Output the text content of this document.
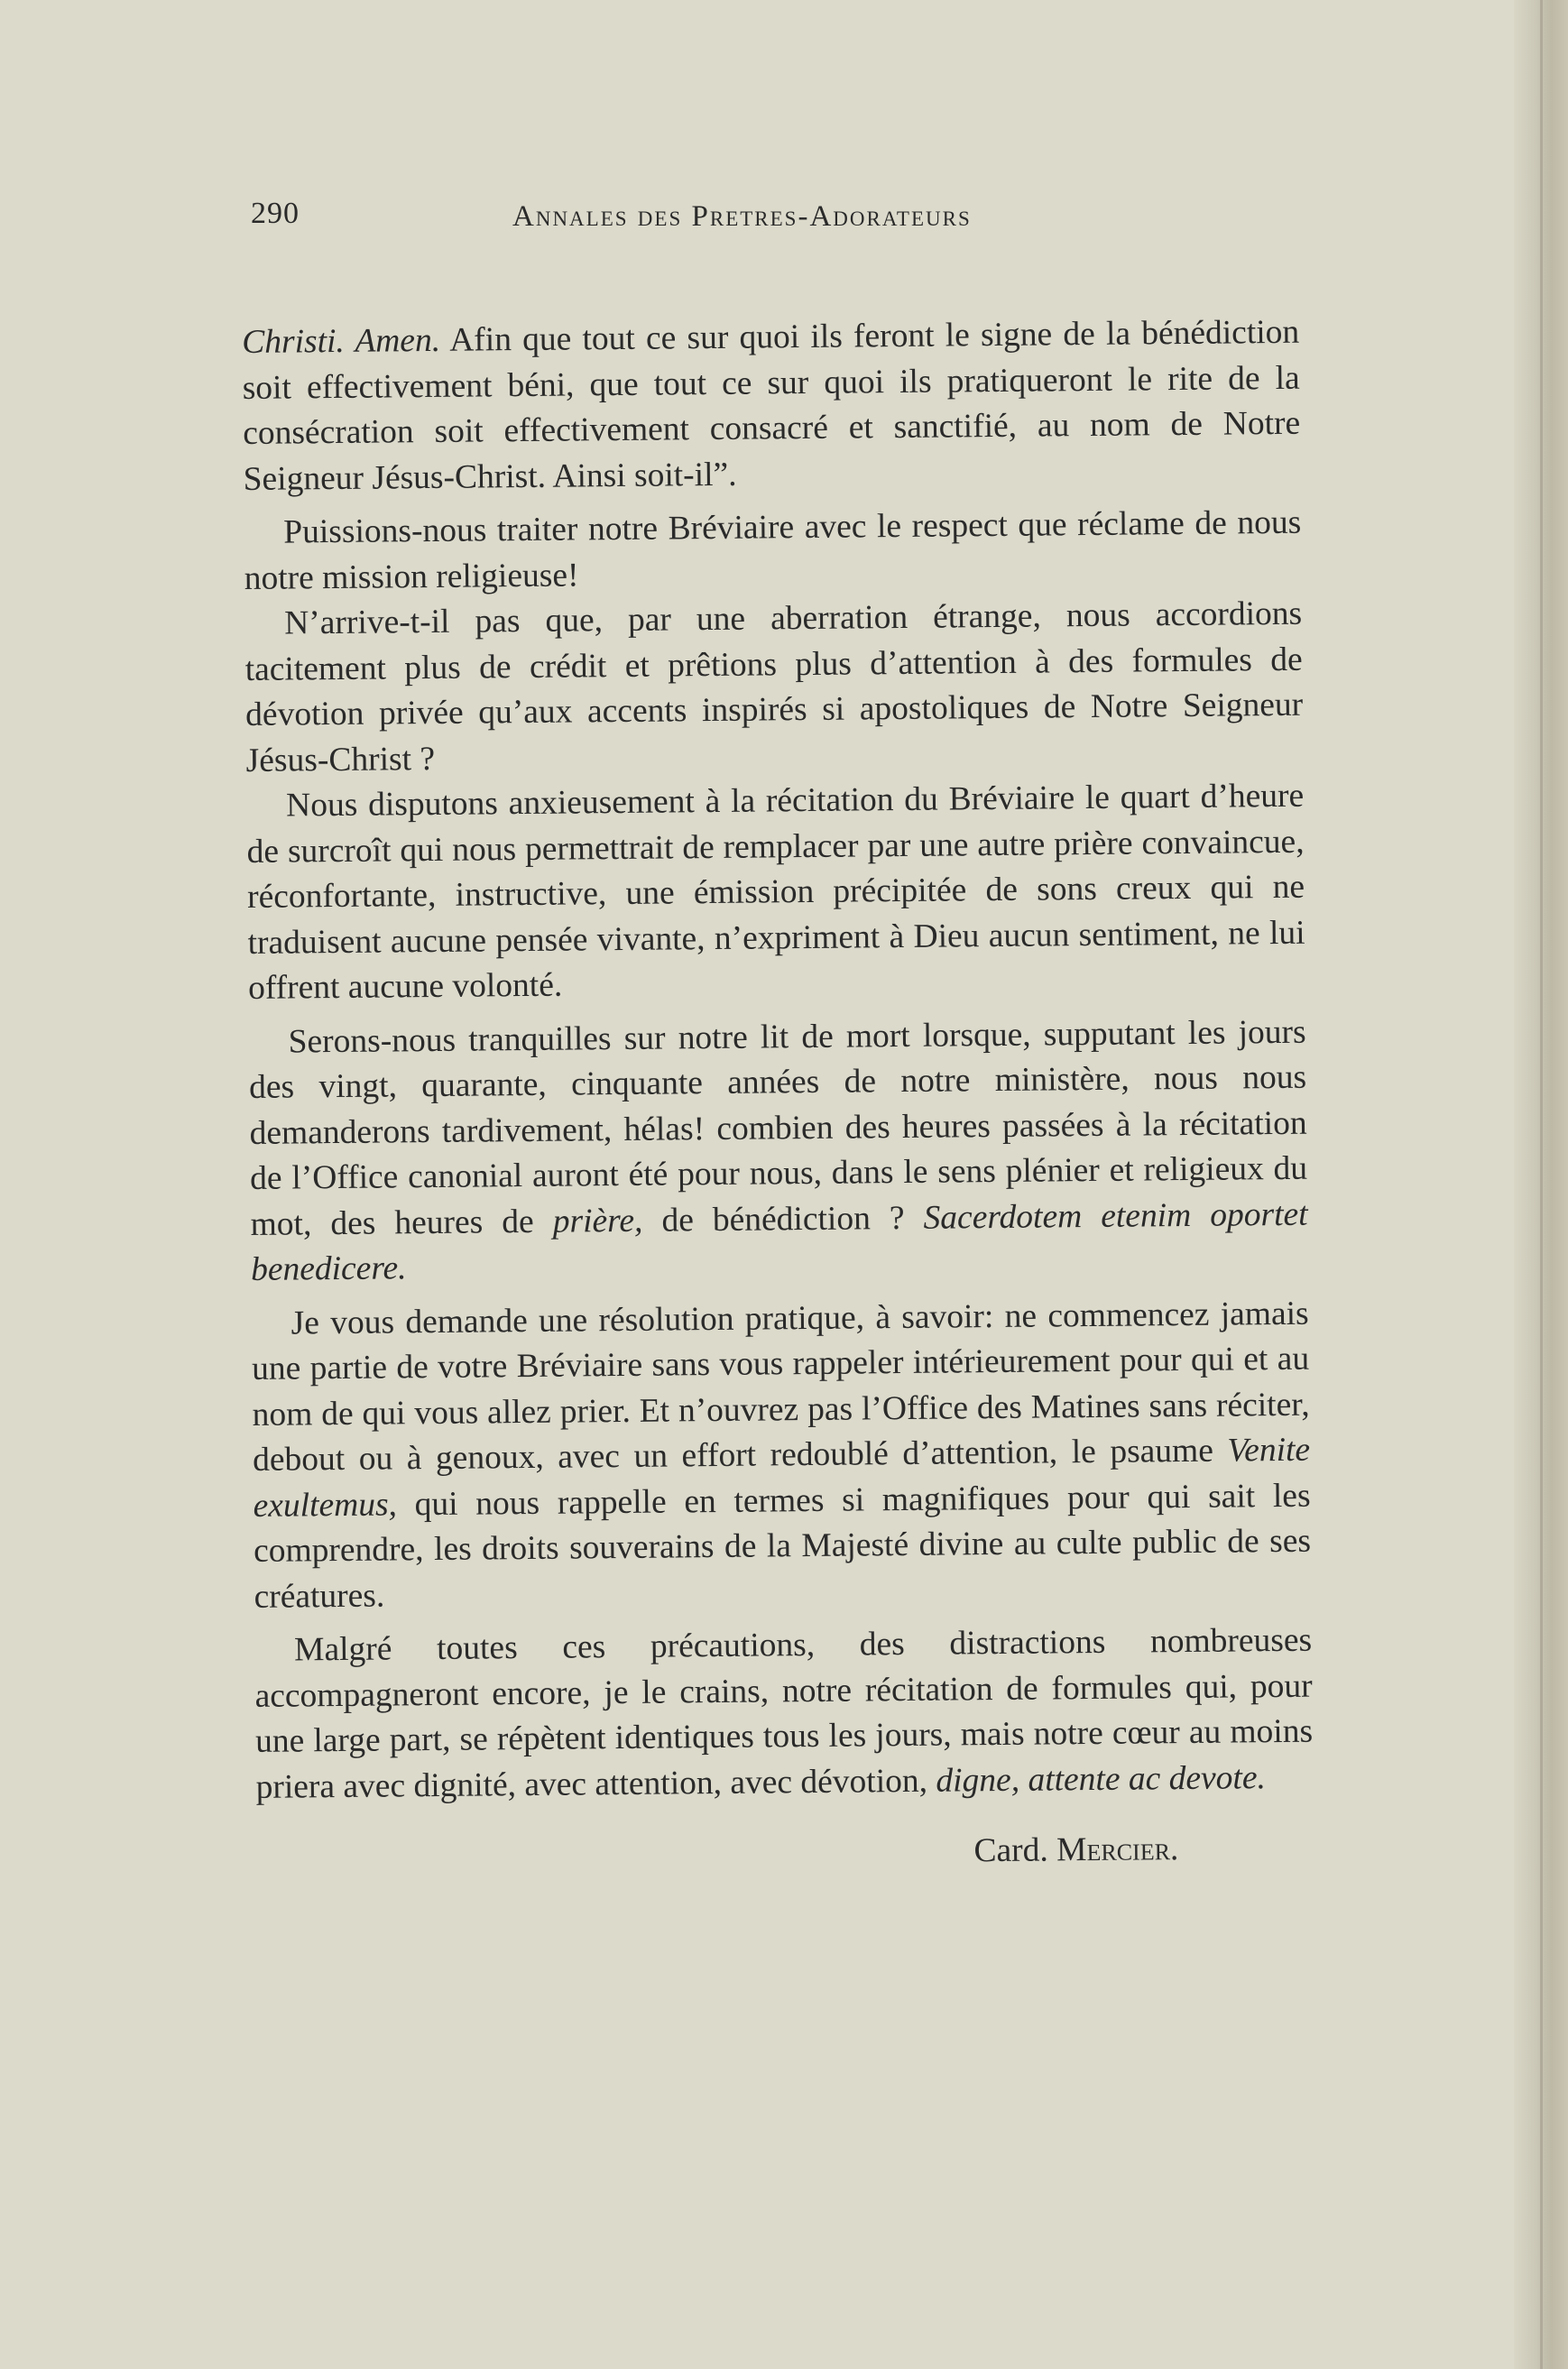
290	Annales des Pretres-Adorateurs

Christi. Amen. Afin que tout ce sur quoi ils feront le signe de la bénédiction soit effectivement béni, que tout ce sur quoi ils pratiqueront le rite de la consécration soit effectivement consacré et sanctifié, au nom de Notre Seigneur Jésus-Christ. Ainsi soit-il”.

Puissions-nous traiter notre Bréviaire avec le respect que réclame de nous notre mission religieuse!

N’arrive-t-il pas que, par une aberration étrange, nous accordions tacitement plus de crédit et prêtions plus d’attention à des formules de dévotion privée qu’aux accents inspirés si apostoliques de Notre Seigneur Jésus-Christ ?

Nous disputons anxieusement à la récitation du Bréviaire le quart d’heure de surcroît qui nous permettrait de remplacer par une autre prière convaincue, réconfortante, instructive, une émission précipitée de sons creux qui ne traduisent aucune pensée vivante, n’expriment à Dieu aucun sentiment, ne lui offrent aucune volonté.

Serons-nous tranquilles sur notre lit de mort lorsque, supputant les jours des vingt, quarante, cinquante années de notre ministère, nous nous demanderons tardivement, hélas! combien des heures passées à la récitation de l’Office canonial auront été pour nous, dans le sens plénier et religieux du mot, des heures de prière, de bénédiction ? Sacerdotem etenim oportet benedicere.

Je vous demande une résolution pratique, à savoir: ne commencez jamais une partie de votre Bréviaire sans vous rappeler intérieurement pour qui et au nom de qui vous allez prier. Et n’ouvrez pas l’Office des Matines sans réciter, debout ou à genoux, avec un effort redoublé d’attention, le psaume Venite exultemus, qui nous rappelle en termes si magnifiques pour qui sait les comprendre, les droits souverains de la Majesté divine au culte public de ses créatures.

Malgré toutes ces précautions, des distractions nombreuses accompagneront encore, je le crains, notre récitation de formules qui, pour une large part, se répètent identiques tous les jours, mais notre cœur au moins priera avec dignité, avec attention, avec dévotion, digne, attente ac devote.

Card. Mercier.
